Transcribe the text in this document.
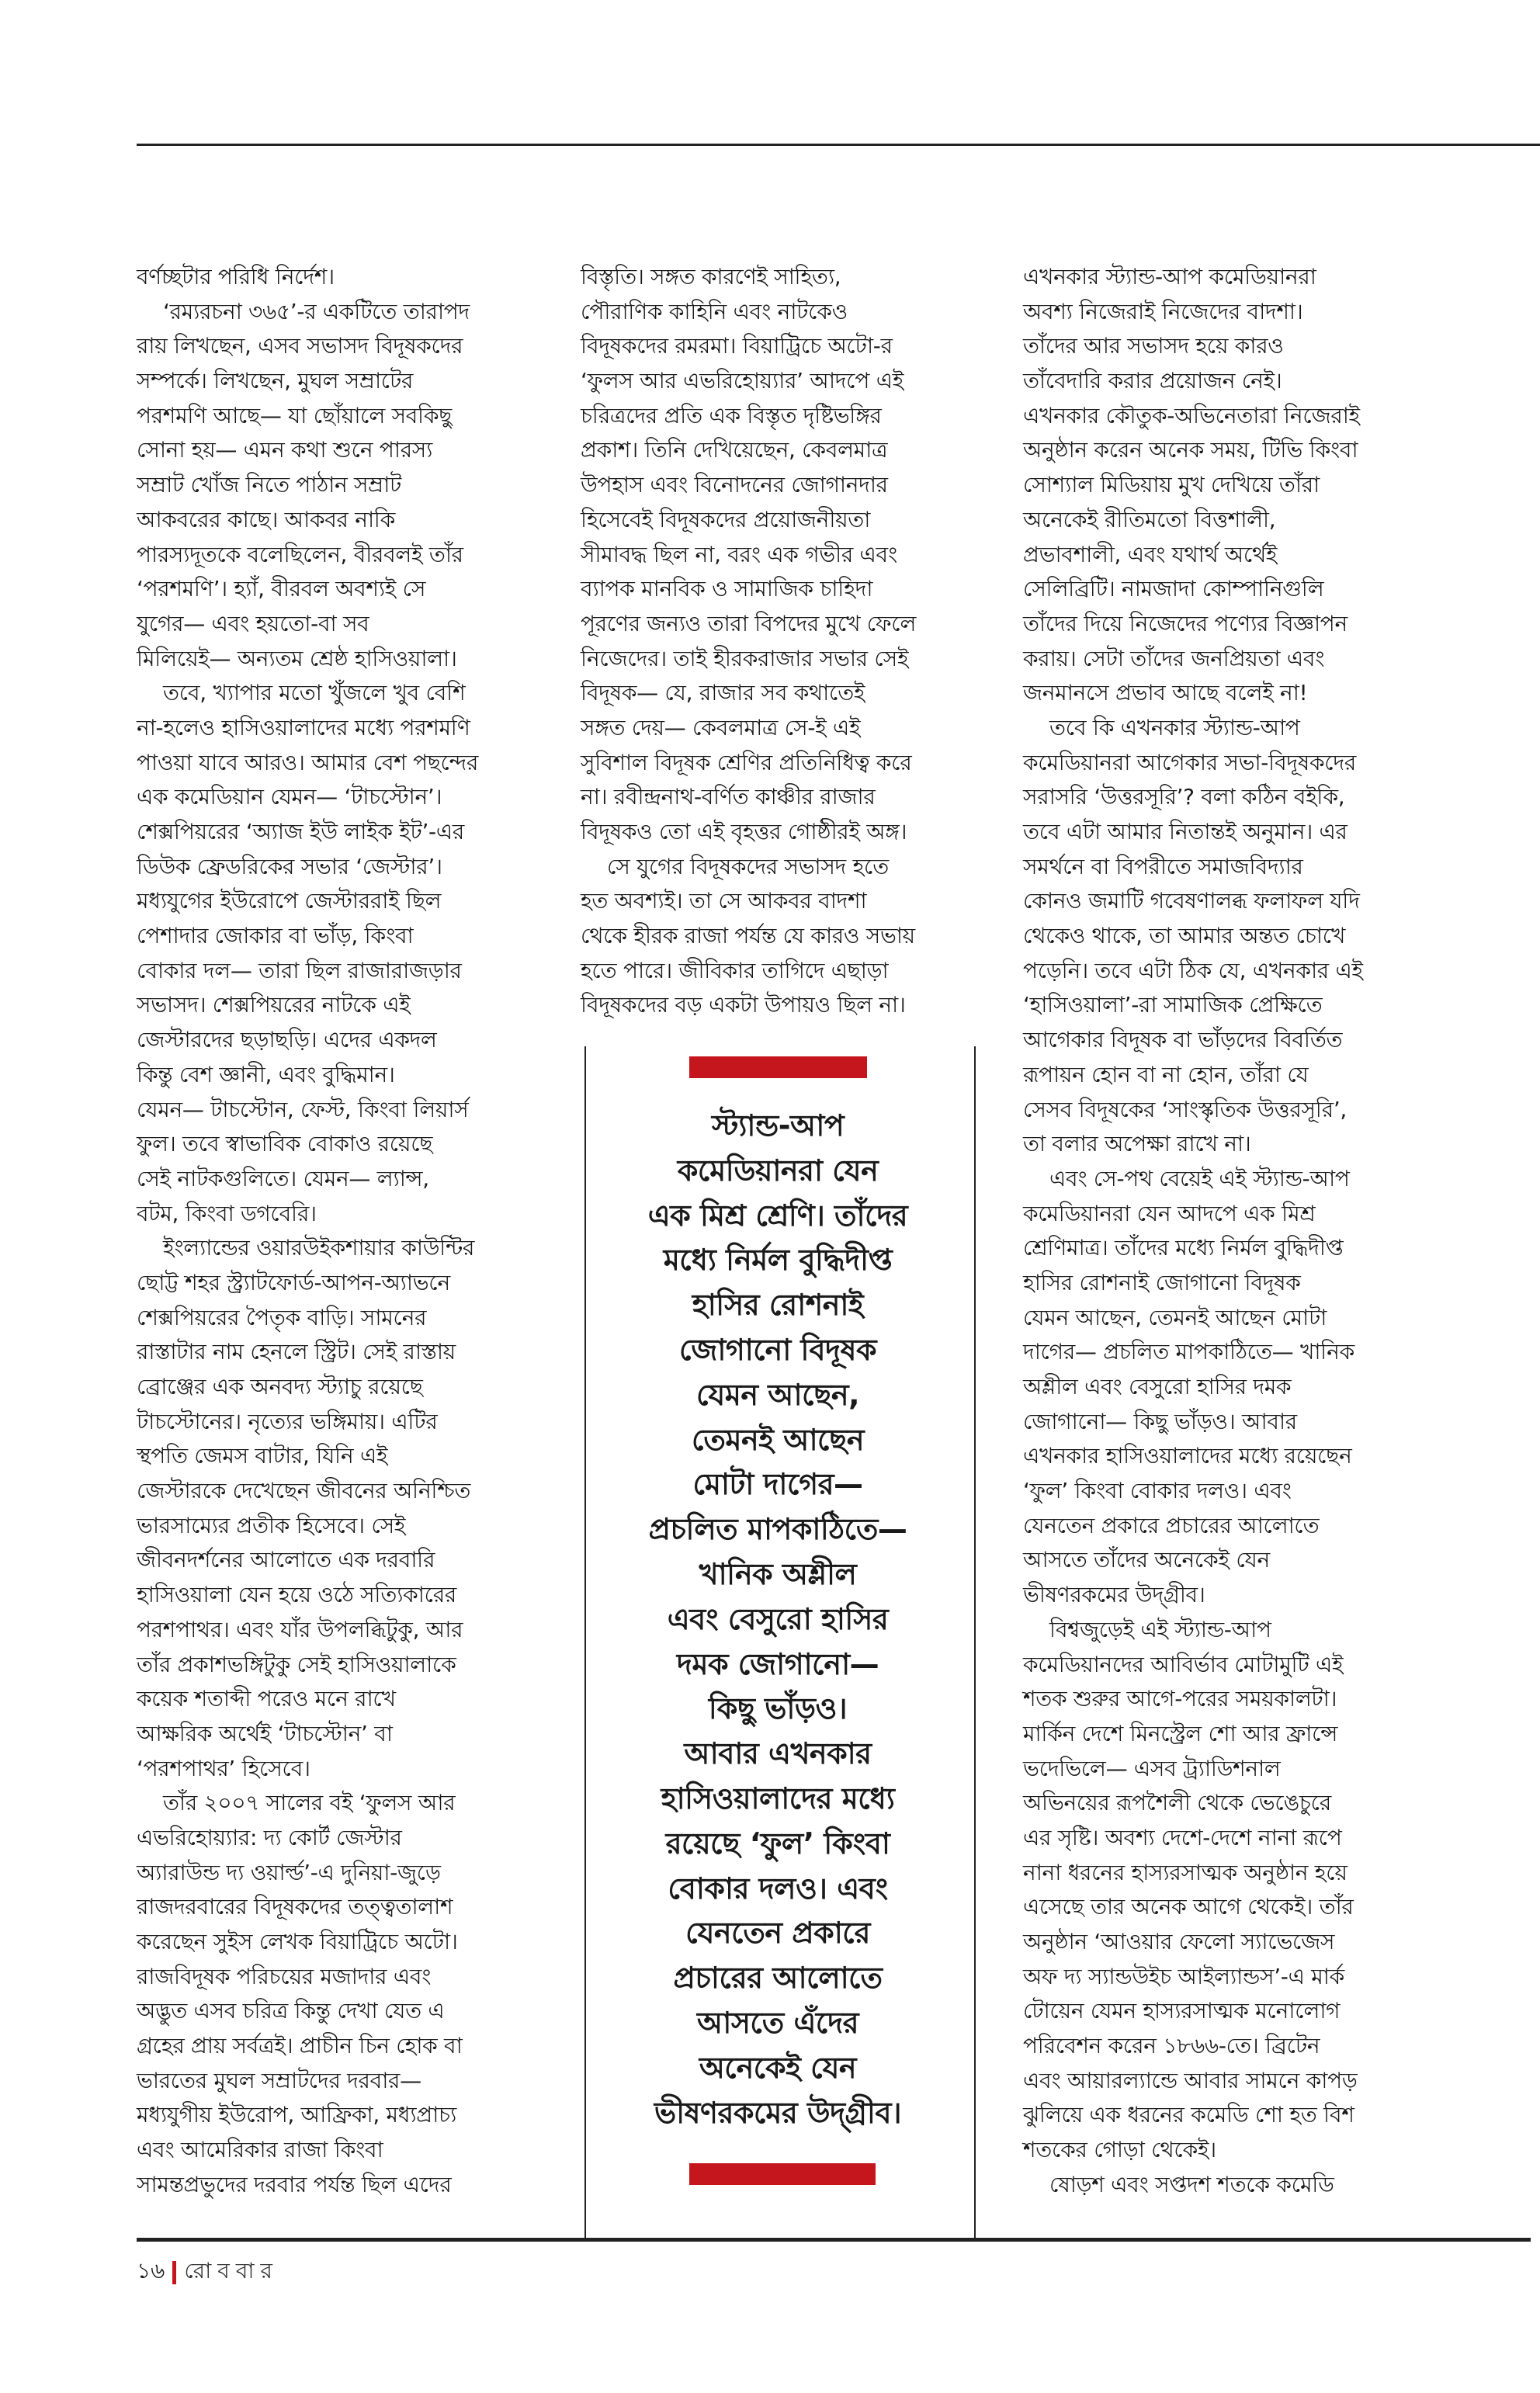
বর্ণচ্ছটার পরিধি নির্দেশ।
‘রম্যরচনা ৩৬৫’-র একটিতে তারাপদ
রায় লিখছেন, এসব সভাসদ বিদূষকদের
সম্পর্কে। লিখছেন, মুঘল সম্রাটের
পরশমণি আছে— যা ছোঁয়ালে সবকিছু
সোনা হয়— এমন কথা শুনে পারস্য
সম্রাট খোঁজ নিতে পাঠান সম্রাট
আকবরের কাছে। আকবর নাকি
পারস্যদূতকে বলেছিলেন, বীরবলই তাঁর
‘পরশমণি’। হ্যাঁ, বীরবল অবশ্যই সে
যুগের— এবং হয়তো-বা সব
মিলিয়েই— অন্যতম শ্রেষ্ঠ হাসিওয়ালা।
তবে, খ্যাপার মতো খুঁজলে খুব বেশি
না-হলেও হাসিওয়ালাদের মধ্যে পরশমণি
পাওয়া যাবে আরও। আমার বেশ পছন্দের
এক কমেডিয়ান যেমন— ‘টাচস্টোন’।
শেক্সপিয়রের ‘অ্যাজ ইউ লাইক ইট’-এর
ডিউক ফ্রেডরিকের সভার ‘জেস্টার’।
মধ্যযুগের ইউরোপে জেস্টাররাই ছিল
পেশাদার জোকার বা ভাঁড়, কিংবা
বোকার দল— তারা ছিল রাজারাজড়ার
সভাসদ। শেক্সপিয়রের নাটকে এই
জেস্টারদের ছড়াছড়ি। এদের একদল
কিন্তু বেশ জ্ঞানী, এবং বুদ্ধিমান।
যেমন— টাচস্টোন, ফেস্ট, কিংবা লিয়ার্স
ফুল। তবে স্বাভাবিক বোকাও রয়েছে
সেই নাটকগুলিতে। যেমন— ল্যান্স,
বটম, কিংবা ডগবেরি।
ইংল্যান্ডের ওয়ারউইকশায়ার কাউন্টির
ছোট্ট শহর স্ট্র্যাটফোর্ড-আপন-অ্যাভনে
শেক্সপিয়রের পৈতৃক বাড়ি। সামনের
রাস্তাটার নাম হেনলে স্ট্রিট। সেই রাস্তায়
ব্রোঞ্জের এক অনবদ্য স্ট্যাচু রয়েছে
টাচস্টোনের। নৃত্যের ভঙ্গিমায়। এটির
স্থপতি জেমস বাটার, যিনি এই
জেস্টারকে দেখেছেন জীবনের অনিশ্চিত
ভারসাম্যের প্রতীক হিসেবে। সেই
জীবনদর্শনের আলোতে এক দরবারি
হাসিওয়ালা যেন হয়ে ওঠে সত্যিকারের
পরশপাথর। এবং যাঁর উপলব্ধিটুকু, আর
তাঁর প্রকাশভঙ্গিটুকু সেই হাসিওয়ালাকে
কয়েক শতাব্দী পরেও মনে রাখে
আক্ষরিক অর্থেই ‘টাচস্টোন’ বা
‘পরশপাথর’ হিসেবে।
তাঁর ২০০৭ সালের বই ‘ফুলস আর
এভরিহোয়্যার: দ্য কোর্ট জেস্টার
অ্যারাউন্ড দ্য ওয়ার্ল্ড’-এ দুনিয়া-জুড়ে
রাজদরবারের বিদূষকদের তত্ত্বতালাশ
করেছেন সুইস লেখক বিয়াট্রিচে অটো।
রাজবিদূষক পরিচয়ের মজাদার এবং
অদ্ভুত এসব চরিত্র কিন্তু দেখা যেত এ
গ্রহের প্রায় সর্বত্রই। প্রাচীন চিন হোক বা
ভারতের মুঘল সম্রাটদের দরবার—
মধ্যযুগীয় ইউরোপ, আফ্রিকা, মধ্যপ্রাচ্য
এবং আমেরিকার রাজা কিংবা
সামন্তপ্রভুদের দরবার পর্যন্ত ছিল এদের
বিস্তৃতি। সঙ্গত কারণেই সাহিত্য,
পৌরাণিক কাহিনি এবং নাটকেও
বিদূষকদের রমরমা। বিয়াট্রিচে অটো-র
‘ফুলস আর এভরিহোয়্যার’ আদপে এই
চরিত্রদের প্রতি এক বিস্তৃত দৃষ্টিভঙ্গির
প্রকাশ। তিনি দেখিয়েছেন, কেবলমাত্র
উপহাস এবং বিনোদনের জোগানদার
হিসেবেই বিদূষকদের প্রয়োজনীয়তা
সীমাবদ্ধ ছিল না, বরং এক গভীর এবং
ব্যাপক মানবিক ও সামাজিক চাহিদা
পূরণের জন্যও তারা বিপদের মুখে ফেলে
নিজেদের। তাই হীরকরাজার সভার সেই
বিদূষক— যে, রাজার সব কথাতেই
সঙ্গত দেয়— কেবলমাত্র সে-ই এই
সুবিশাল বিদূষক শ্রেণির প্রতিনিধিত্ব করে
না। রবীন্দ্রনাথ-বর্ণিত কাঞ্চীর রাজার
বিদূষকও তো এই বৃহত্তর গোষ্ঠীরই অঙ্গ।
সে যুগের বিদূষকদের সভাসদ হতে
হত অবশ্যই। তা সে আকবর বাদশা
থেকে হীরক রাজা পর্যন্ত যে কারও সভায়
হতে পারে। জীবিকার তাগিদে এছাড়া
বিদূষকদের বড় একটা উপায়ও ছিল না।
এখনকার স্ট্যান্ড-আপ কমেডিয়ানরা
অবশ্য নিজেরাই নিজেদের বাদশা।
তাঁদের আর সভাসদ হয়ে কারও
তাঁবেদারি করার প্রয়োজন নেই।
এখনকার কৌতুক-অভিনেতারা নিজেরাই
অনুষ্ঠান করেন অনেক সময়, টিভি কিংবা
সোশ্যাল মিডিয়ায় মুখ দেখিয়ে তাঁরা
অনেকেই রীতিমতো বিত্তশালী,
প্রভাবশালী, এবং যথার্থ অর্থেই
সেলিব্রিটি। নামজাদা কোম্পানিগুলি
তাঁদের দিয়ে নিজেদের পণ্যের বিজ্ঞাপন
করায়। সেটা তাঁদের জনপ্রিয়তা এবং
জনমানসে প্রভাব আছে বলেই না!
তবে কি এখনকার স্ট্যান্ড-আপ
কমেডিয়ানরা আগেকার সভা-বিদূষকদের
সরাসরি ‘উত্তরসূরি’? বলা কঠিন বইকি,
তবে এটা আমার নিতান্তই অনুমান। এর
সমর্থনে বা বিপরীতে সমাজবিদ্যার
কোনও জমাটি গবেষণালব্ধ ফলাফল যদি
থেকেও থাকে, তা আমার অন্তত চোখে
পড়েনি। তবে এটা ঠিক যে, এখনকার এই
‘হাসিওয়ালা’-রা সামাজিক প্রেক্ষিতে
আগেকার বিদূষক বা ভাঁড়দের বিবর্তিত
রূপায়ন হোন বা না হোন, তাঁরা যে
সেসব বিদূষকের ‘সাংস্কৃতিক উত্তরসূরি’,
তা বলার অপেক্ষা রাখে না।
এবং সে-পথ বেয়েই এই স্ট্যান্ড-আপ
কমেডিয়ানরা যেন আদপে এক মিশ্র
শ্রেণিমাত্র। তাঁদের মধ্যে নির্মল বুদ্ধিদীপ্ত
হাসির রোশনাই জোগানো বিদূষক
যেমন আছেন, তেমনই আছেন মোটা
দাগের— প্রচলিত মাপকাঠিতে— খানিক
অশ্লীল এবং বেসুরো হাসির দমক
জোগানো— কিছু ভাঁড়ও। আবার
এখনকার হাসিওয়ালাদের মধ্যে রয়েছেন
‘ফুল’ কিংবা বোকার দলও। এবং
যেনতেন প্রকারে প্রচারের আলোতে
আসতে তাঁদের অনেকেই যেন
ভীষণরকমের উদ্গ্রীব।
বিশ্বজুড়েই এই স্ট্যান্ড-আপ
কমেডিয়ানদের আবির্ভাব মোটামুটি এই
শতক শুরুর আগে-পরের সময়কালটা।
মার্কিন দেশে মিনস্ট্রেল শো আর ফ্রান্সে
ভদেভিলে— এসব ট্র্যাডিশনাল
অভিনয়ের রূপশৈলী থেকে ভেঙেচুরে
এর সৃষ্টি। অবশ্য দেশে-দেশে নানা রূপে
নানা ধরনের হাস্যরসাত্মক অনুষ্ঠান হয়ে
এসেছে তার অনেক আগে থেকেই। তাঁর
অনুষ্ঠান ‘আওয়ার ফেলো স্যাভেজেস
অফ দ্য স্যান্ডউইচ আইল্যান্ডস’-এ মার্ক
টোয়েন যেমন হাস্যরসাত্মক মনোলোগ
পরিবেশন করেন ১৮৬৬-তে। ব্রিটেন
এবং আয়ারল্যান্ডে আবার সামনে কাপড়
ঝুলিয়ে এক ধরনের কমেডি শো হত বিশ
শতকের গোড়া থেকেই।
ষোড়শ এবং সপ্তদশ শতকে কমেডি
স্ট্যান্ড-আপ
কমেডিয়ানরা যেন
এক মিশ্র শ্রেণি। তাঁদের
মধ্যে নির্মল বুদ্ধিদীপ্ত
হাসির রোশনাই
জোগানো বিদূষক
যেমন আছেন,
তেমনই আছেন
মোটা দাগের—
প্রচলিত মাপকাঠিতে—
খানিক অশ্লীল
এবং বেসুরো হাসির
দমক জোগানো—
কিছু ভাঁড়ও।
আবার এখনকার
হাসিওয়ালাদের মধ্যে
রয়েছে ‘ফুল’ কিংবা
বোকার দলও। এবং
যেনতেন প্রকারে
প্রচারের আলোতে
আসতে এঁদের
অনেকেই যেন
ভীষণরকমের উদ্গ্রীব।
১৬ রোববার
